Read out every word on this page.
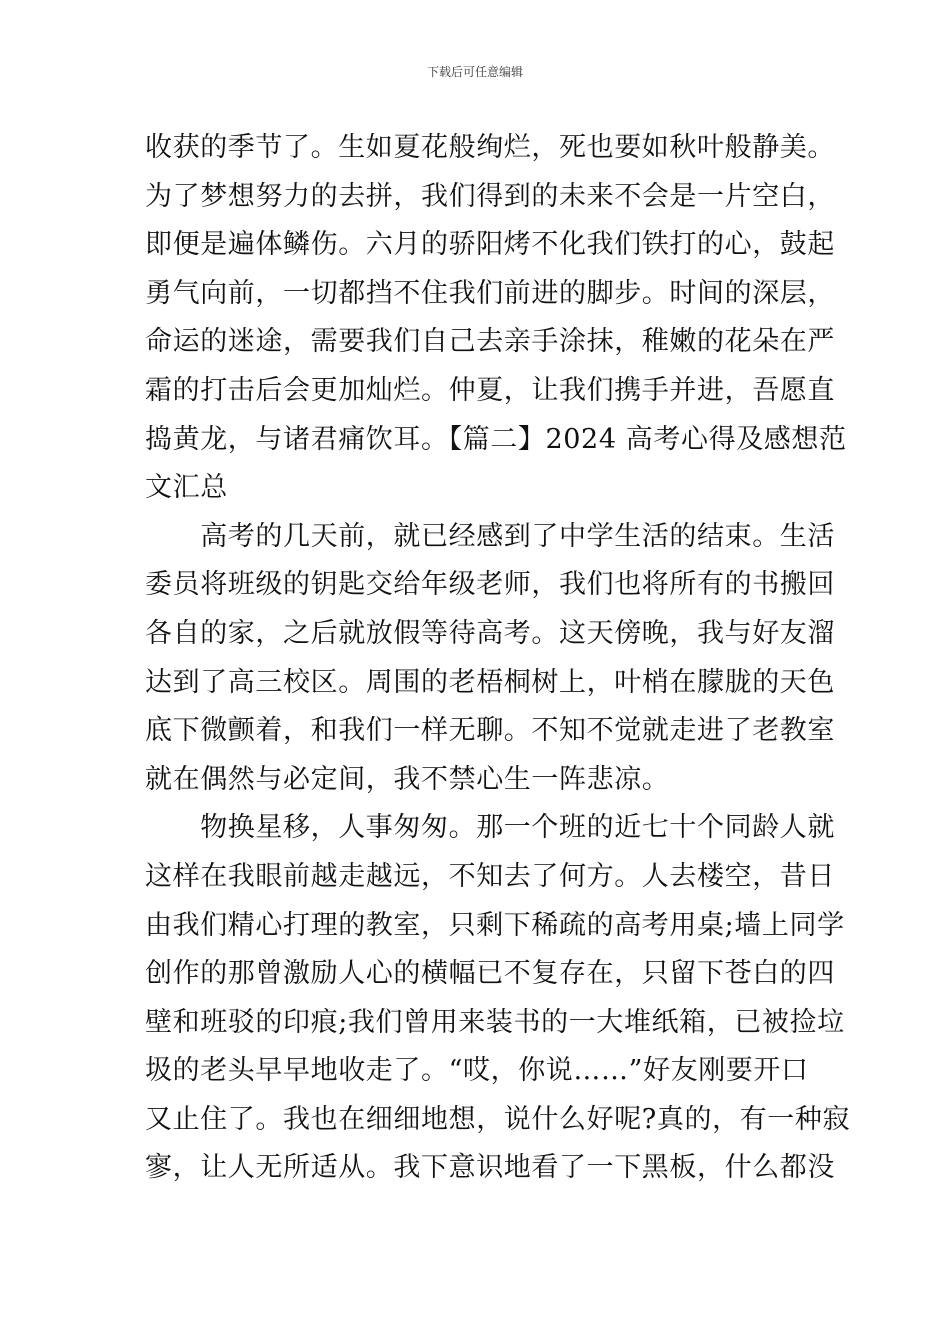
下载后可任意编辑
收获的季节了。生如夏花般绚烂，死也要如秋叶般静美。
为了梦想努力的去拼，我们得到的未来不会是一片空白，
即便是遍体鳞伤。六月的骄阳烤不化我们铁打的心，鼓起
勇气向前，一切都挡不住我们前进的脚步。时间的深层，
命运的迷途，需要我们自己去亲手涂抹，稚嫩的花朵在严
霜的打击后会更加灿烂。仲夏，让我们携手并进，吾愿直
捣黄龙，与诸君痛饮耳。【篇二】2024 高考心得及感想范
文汇总
　　高考的几天前，就已经感到了中学生活的结束。生活
委员将班级的钥匙交给年级老师，我们也将所有的书搬回
各自的家，之后就放假等待高考。这天傍晚，我与好友溜
达到了高三校区。周围的老梧桐树上，叶梢在朦胧的天色
底下微颤着，和我们一样无聊。不知不觉就走进了老教室
就在偶然与必定间，我不禁心生一阵悲凉。
　　物换星移，人事匆匆。那一个班的近七十个同龄人就
这样在我眼前越走越远，不知去了何方。人去楼空，昔日
由我们精心打理的教室，只剩下稀疏的高考用桌;墙上同学
创作的那曾激励人心的横幅已不复存在，只留下苍白的四
壁和班驳的印痕;我们曾用来装书的一大堆纸箱，已被捡垃
圾的老头早早地收走了。“哎，你说……”好友刚要开口
又止住了。我也在细细地想，说什么好呢?真的，有一种寂
寥，让人无所适从。我下意识地看了一下黑板，什么都没
